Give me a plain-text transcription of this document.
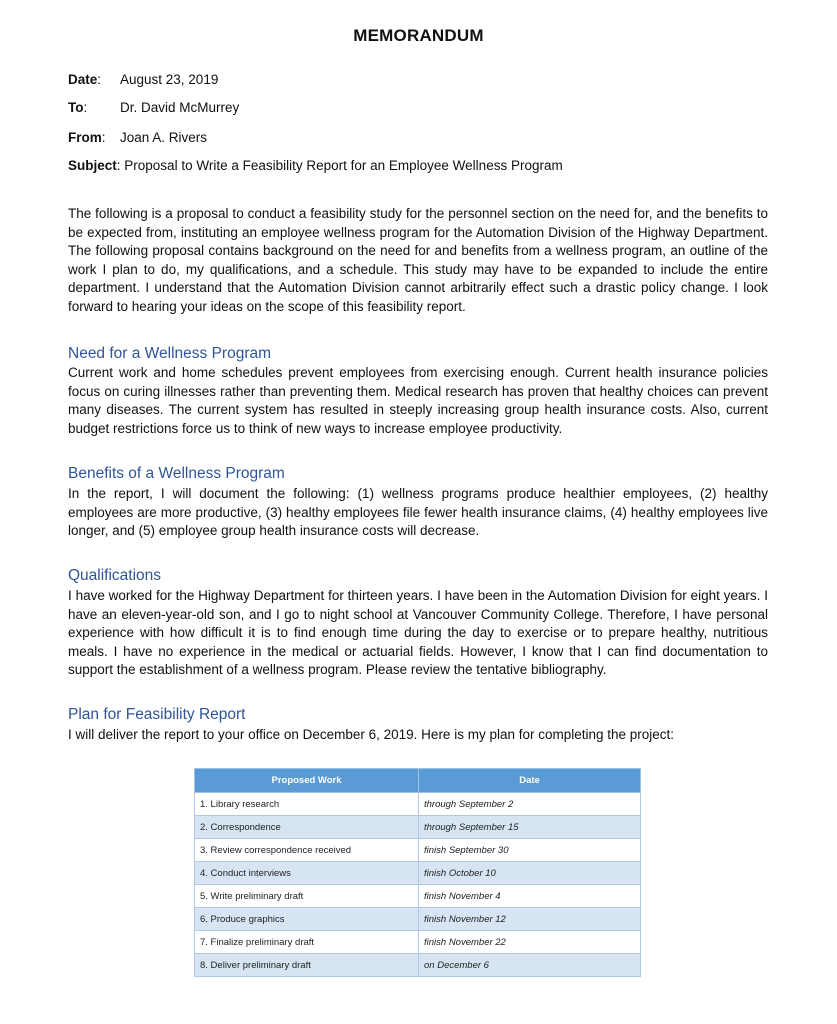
MEMORANDUM
Date: August 23, 2019
To: Dr. David McMurrey
From: Joan A. Rivers
Subject: Proposal to Write a Feasibility Report for an Employee Wellness Program

The following is a proposal to conduct a feasibility study for the personnel section on the need for, and the benefits to be expected from, instituting an employee wellness program for the Automation Division of the Highway Department. The following proposal contains background on the need for and benefits from a wellness program, an outline of the work I plan to do, my qualifications, and a schedule. This study may have to be expanded to include the entire department. I understand that the Automation Division cannot arbitrarily effect such a drastic policy change. I look forward to hearing your ideas on the scope of this feasibility report.

Need for a Wellness Program

Current work and home schedules prevent employees from exercising enough. Current health insurance policies focus on curing illnesses rather than preventing them. Medical research has proven that healthy choices can prevent many diseases. The current system has resulted in steeply increasing group health insurance costs. Also, current budget restrictions force us to think of new ways to increase employee productivity.

Benefits of a Wellness Program

In the report, I will document the following: (1) wellness programs produce healthier employees, (2) healthy employees are more productive, (3) healthy employees file fewer health insurance claims, (4) healthy employees live longer, and (5) employee group health insurance costs will decrease.

Qualifications

I have worked for the Highway Department for thirteen years. I have been in the Automation Division for eight years. I have an eleven-year-old son, and I go to night school at Vancouver Community College. Therefore, I have personal experience with how difficult it is to find enough time during the day to exercise or to prepare healthy, nutritious meals. I have no experience in the medical or actuarial fields. However, I know that I can find documentation to support the establishment of a wellness program. Please review the tentative bibliography.

Plan for Feasibility Report

I will deliver the report to your office on December 6, 2019. Here is my plan for completing the project:

Proposed Work	Date
1. Library research	through September 2
2. Correspondence	through September 15
3. Review correspondence received	finish September 30
4. Conduct interviews	finish October 10
5. Write preliminary draft	finish November 4
6. Produce graphics	finish November 12
7. Finalize preliminary draft	finish November 22
8. Deliver preliminary draft	on December 6
